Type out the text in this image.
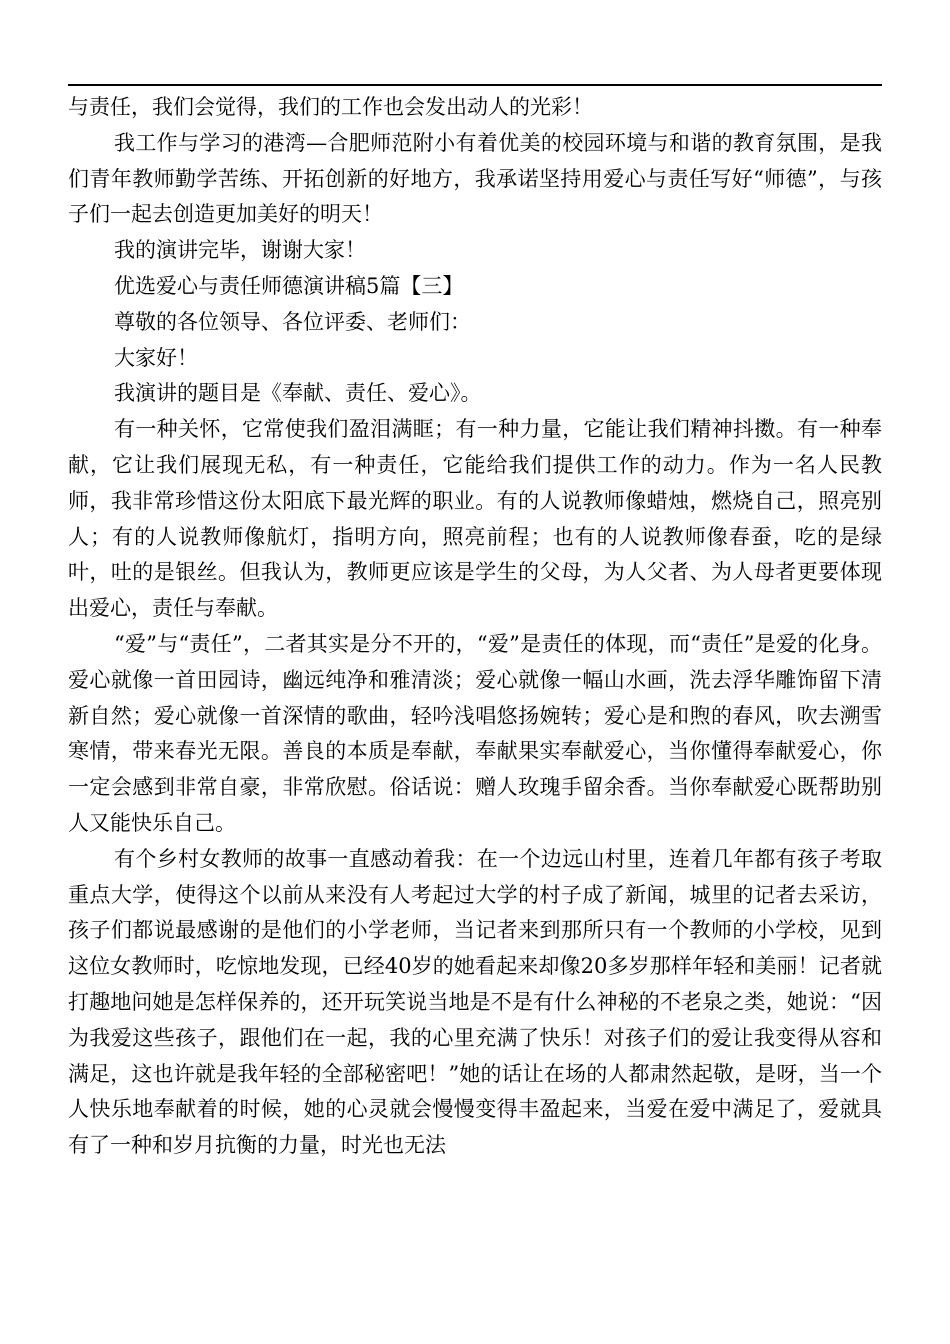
与责任，我们会觉得，我们的工作也会发出动人的光彩！

我工作与学习的港湾—合肥师范附小有着优美的校园环境与和谐的教育氛围，是我们青年教师勤学苦练、开拓创新的好地方，我承诺坚持用爱心与责任写好“师德”，与孩子们一起去创造更加美好的明天！

我的演讲完毕，谢谢大家！

优选爱心与责任师德演讲稿5篇【三】

尊敬的各位领导、各位评委、老师们：

大家好！

我演讲的题目是《奉献、责任、爱心》。

有一种关怀，它常使我们盈泪满眶；有一种力量，它能让我们精神抖擞。有一种奉献，它让我们展现无私，有一种责任，它能给我们提供工作的动力。作为一名人民教师，我非常珍惜这份太阳底下最光辉的职业。有的人说教师像蜡烛，燃烧自己，照亮别人；有的人说教师像航灯，指明方向，照亮前程；也有的人说教师像春蚕，吃的是绿叶，吐的是银丝。但我认为，教师更应该是学生的父母，为人父者、为人母者更要体现出爱心，责任与奉献。

“爱”与“责任”，二者其实是分不开的，“爱”是责任的体现，而“责任”是爱的化身。爱心就像一首田园诗，幽远纯净和雅清淡；爱心就像一幅山水画，洗去浮华雕饰留下清新自然；爱心就像一首深情的歌曲，轻吟浅唱悠扬婉转；爱心是和煦的春风，吹去溯雪寒情，带来春光无限。善良的本质是奉献，奉献果实奉献爱心，当你懂得奉献爱心，你一定会感到非常自豪，非常欣慰。俗话说：赠人玫瑰手留余香。当你奉献爱心既帮助别人又能快乐自己。

有个乡村女教师的故事一直感动着我：在一个边远山村里，连着几年都有孩子考取重点大学，使得这个以前从来没有人考起过大学的村子成了新闻，城里的记者去采访，孩子们都说最感谢的是他们的小学老师，当记者来到那所只有一个教师的小学校，见到这位女教师时，吃惊地发现，已经40岁的她看起来却像20多岁那样年轻和美丽！记者就打趣地问她是怎样保养的，还开玩笑说当地是不是有什么神秘的不老泉之类，她说：“因为我爱这些孩子，跟他们在一起，我的心里充满了快乐！对孩子们的爱让我变得从容和满足，这也许就是我年轻的全部秘密吧！”她的话让在场的人都肃然起敬，是呀，当一个人快乐地奉献着的时候，她的心灵就会慢慢变得丰盈起来，当爱在爱中满足了，爱就具有了一种和岁月抗衡的力量，时光也无法
